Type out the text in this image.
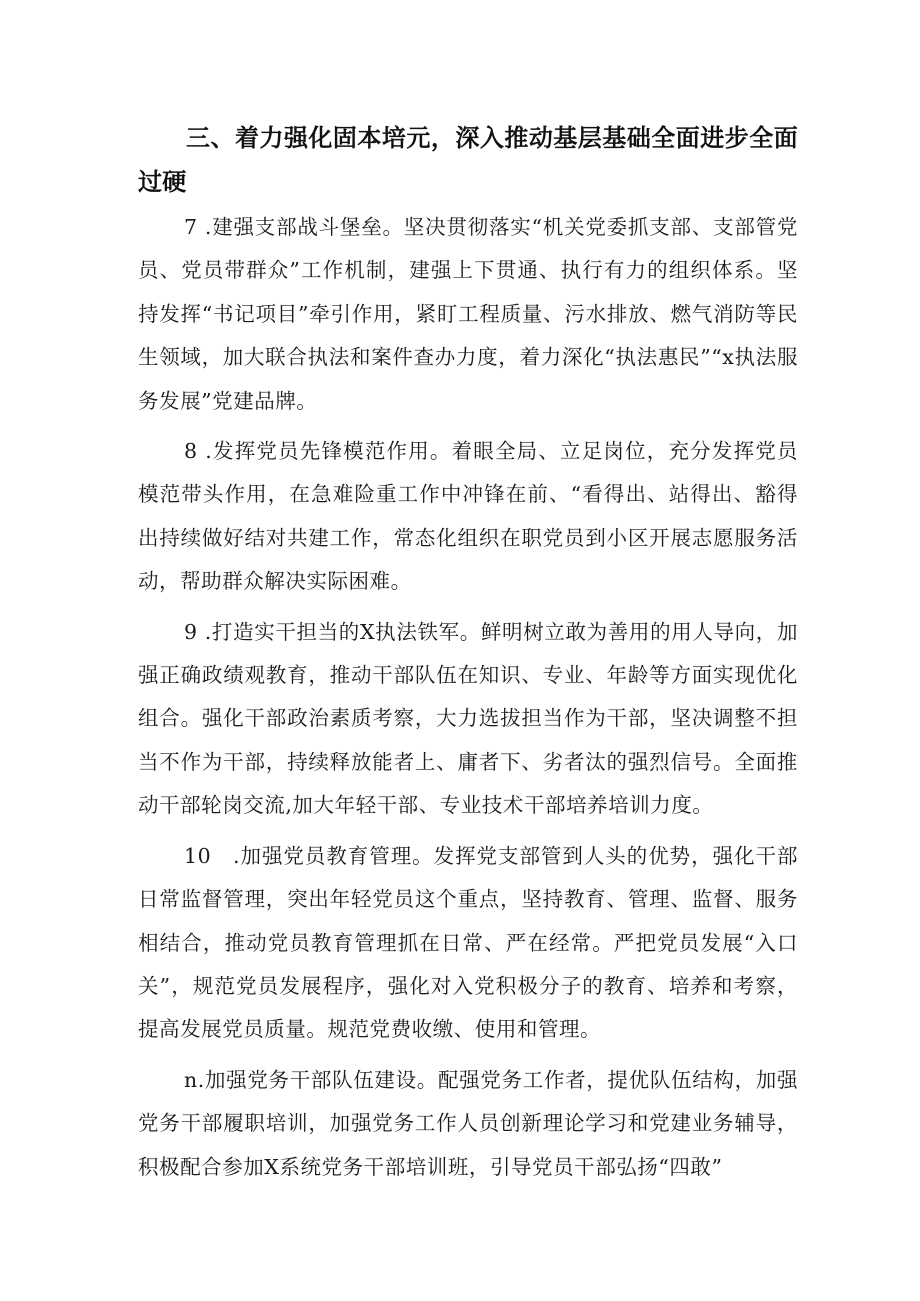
三、着力强化固本培元，深入推动基层基础全面进步全面过硬

7 .建强支部战斗堡垒。坚决贯彻落实“机关党委抓支部、支部管党员、党员带群众”工作机制，建强上下贯通、执行有力的组织体系。坚持发挥“书记项目”牵引作用，紧盯工程质量、污水排放、燃气消防等民生领域，加大联合执法和案件查办力度，着力深化“执法惠民”“x执法服务发展”党建品牌。

8 .发挥党员先锋模范作用。着眼全局、立足岗位，充分发挥党员模范带头作用，在急难险重工作中冲锋在前、“看得出、站得出、豁得出持续做好结对共建工作，常态化组织在职党员到小区开展志愿服务活动，帮助群众解决实际困难。

9 .打造实干担当的X执法铁军。鲜明树立敢为善用的用人导向，加强正确政绩观教育，推动干部队伍在知识、专业、年龄等方面实现优化组合。强化干部政治素质考察，大力选拔担当作为干部，坚决调整不担当不作为干部，持续释放能者上、庸者下、劣者汰的强烈信号。全面推动干部轮岗交流,加大年轻干部、专业技术干部培养培训力度。

10　.加强党员教育管理。发挥党支部管到人头的优势，强化干部日常监督管理，突出年轻党员这个重点，坚持教育、管理、监督、服务相结合，推动党员教育管理抓在日常、严在经常。严把党员发展“入口关”，规范党员发展程序，强化对入党积极分子的教育、培养和考察，提高发展党员质量。规范党费收缴、使用和管理。

n.加强党务干部队伍建设。配强党务工作者，提优队伍结构，加强党务干部履职培训，加强党务工作人员创新理论学习和党建业务辅导，积极配合参加X系统党务干部培训班，引导党员干部弘扬“四敢”
